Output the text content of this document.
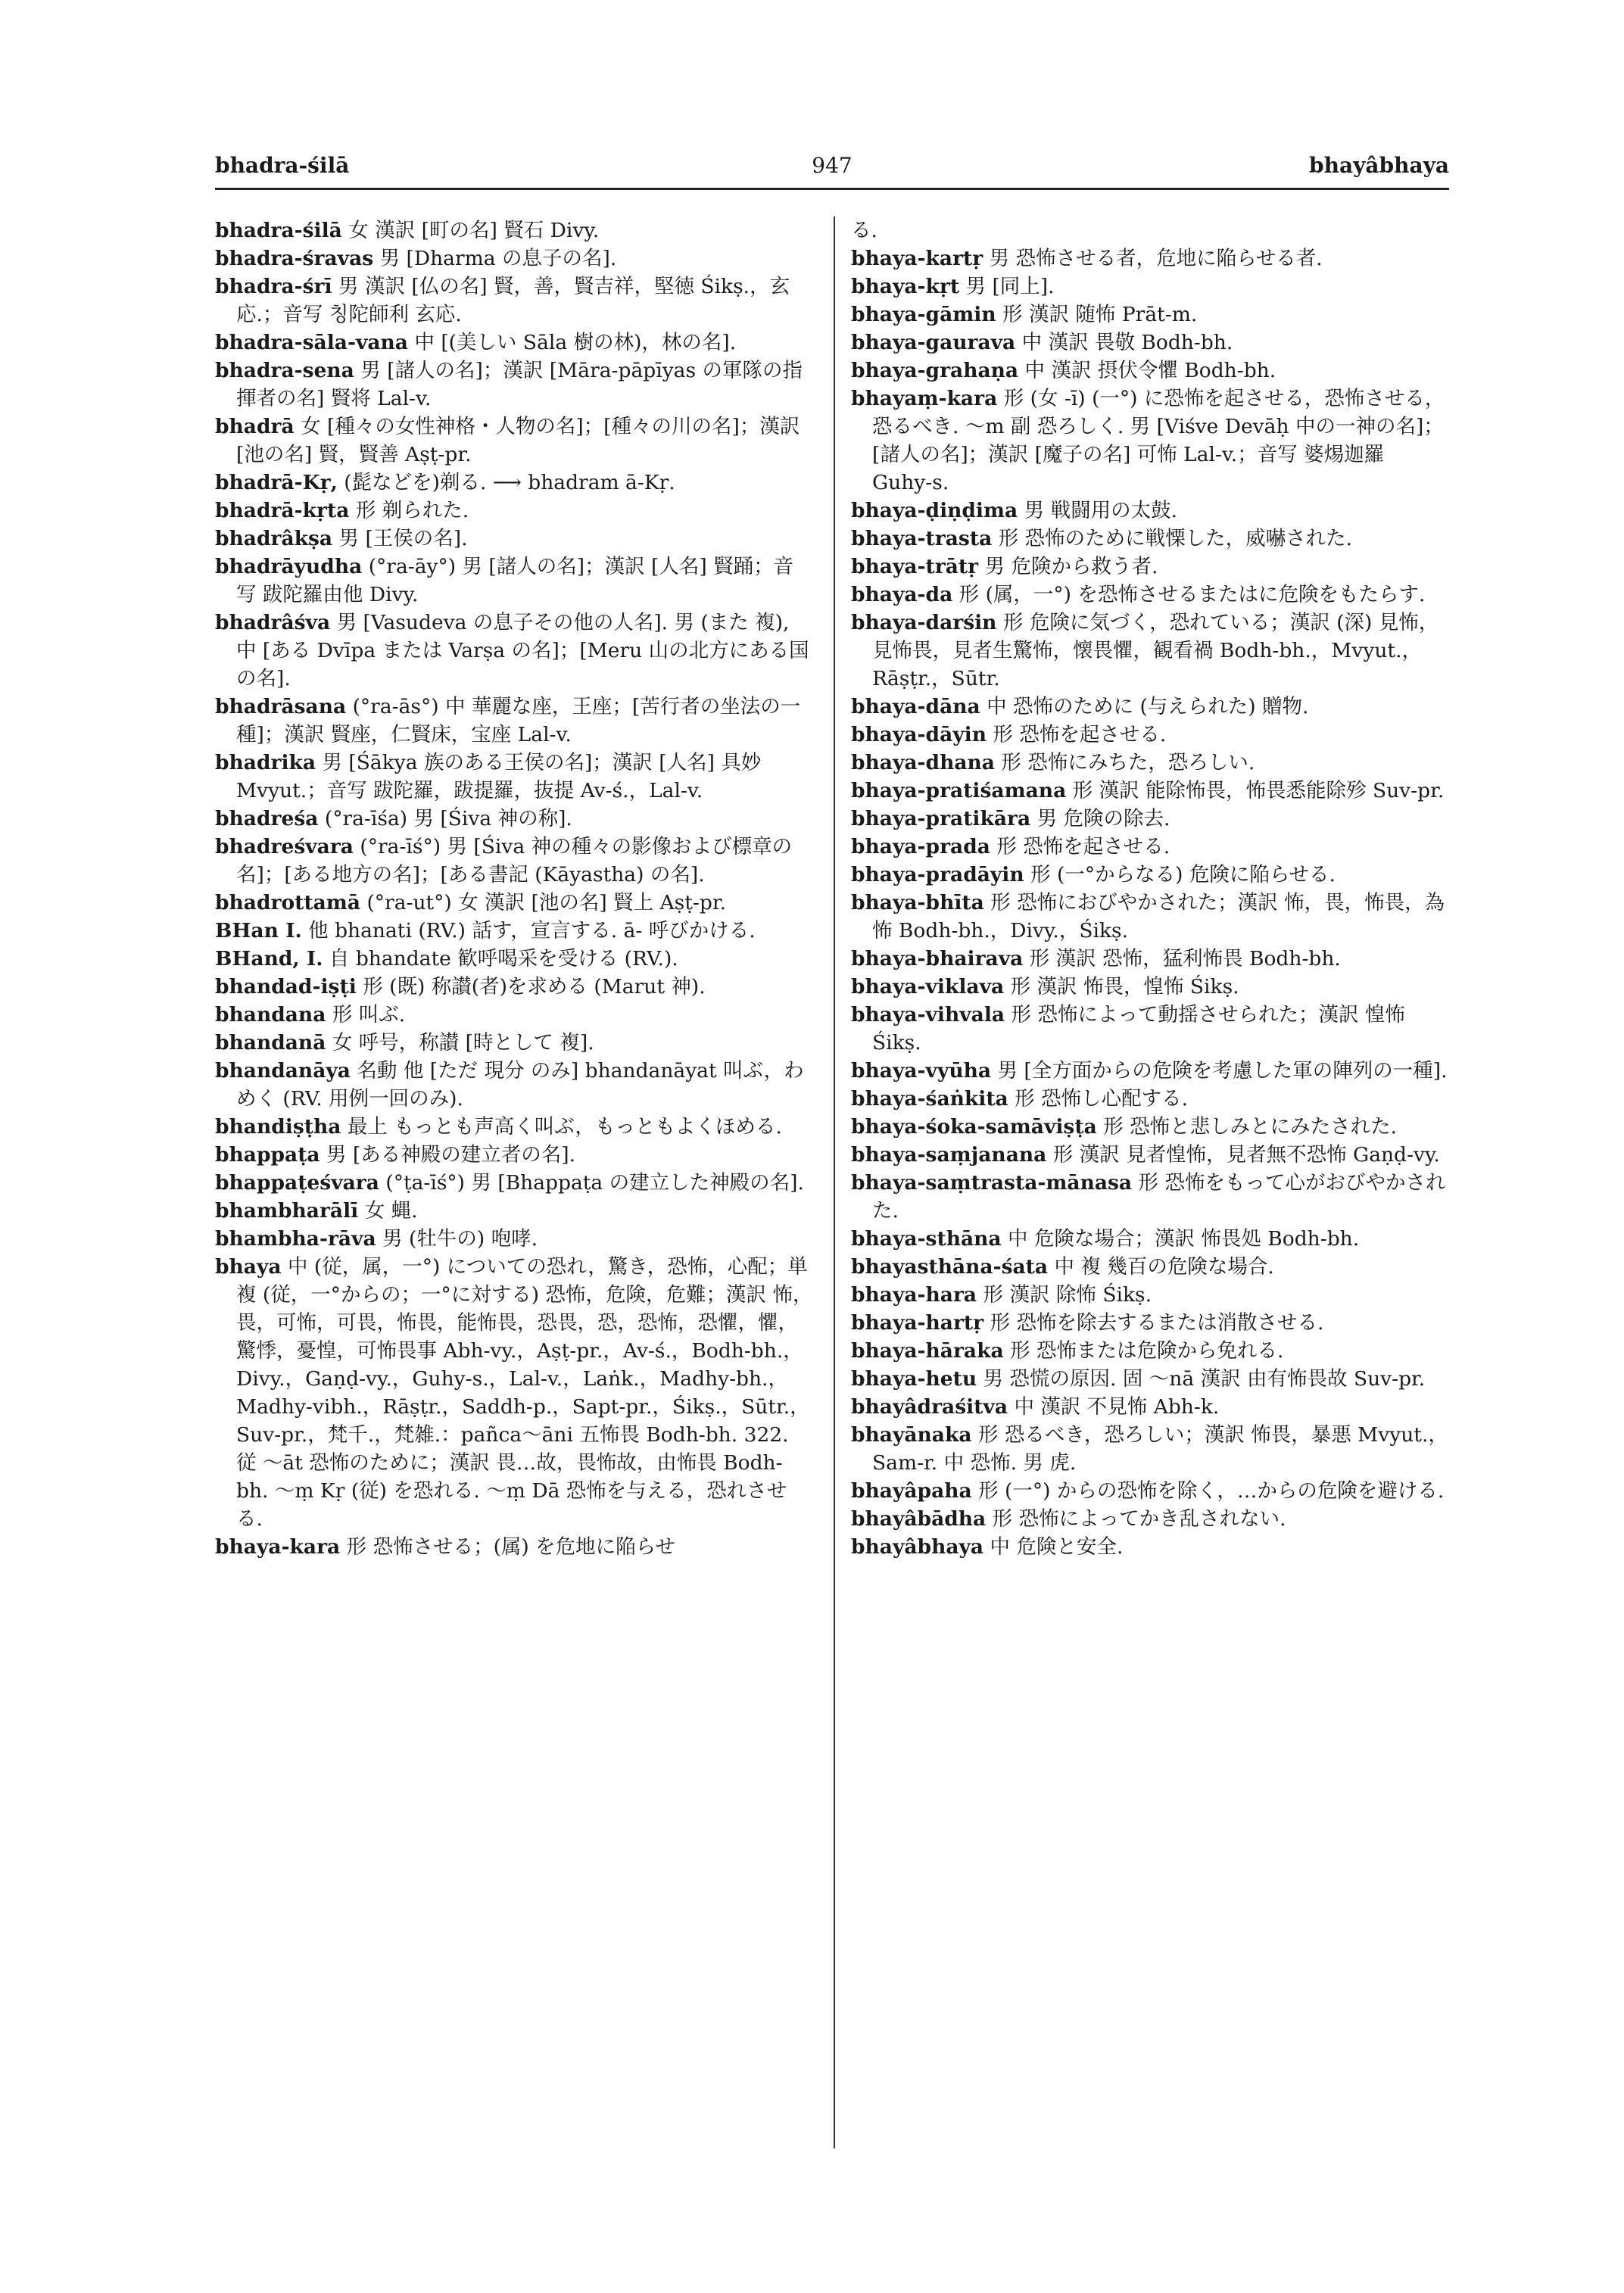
bhadra-śilā	947	bhayâbhaya

bhadra-śilā 女 漢訳 [町の名] 賢石 Divy.

bhadra-śravas 男 [Dharma の息子の名].

bhadra-śrī 男 漢訳 [仏の名] 賢，善，賢吉祥，堅徳 Śikṣ.，玄応.；音写 칭陀師利 玄応.

bhadra-sāla-vana 中 [(美しい Sāla 樹の林)，林の名].

bhadra-sena 男 [諸人の名]；漢訳 [Māra-pāpīyas の軍隊の指揮者の名] 賢将 Lal-v.

bhadrā 女 [種々の女性神格・人物の名]；[種々の川の名]；漢訳 [池の名] 賢，賢善 Aṣṭ-pr.

bhadrā-Kṛ, (髭などを)剃る. ⟶ bhadram ā-Kṛ.

bhadrā-kṛta 形 剃られた.

bhadrâkṣa 男 [王侯の名].

bhadrāyudha (°ra-āy°) 男 [諸人の名]；漢訳 [人名] 賢踊；音写 跋陀羅由他 Divy.

bhadrâśva 男 [Vasudeva の息子その他の人名]. 男 (また 複), 中 [ある Dvīpa または Varṣa の名]；[Meru 山の北方にある国の名].

bhadrāsana (°ra-ās°) 中 華麗な座，王座；[苦行者の坐法の一種]；漢訳 賢座，仁賢床，宝座 Lal-v.

bhadrika 男 [Śākya 族のある王侯の名]；漢訳 [人名] 具妙 Mvyut.；音写 跋陀羅，跋提羅，抜提 Av-ś.，Lal-v.

bhadreśa (°ra-īśa) 男 [Śiva 神の称].

bhadreśvara (°ra-īś°) 男 [Śiva 神の種々の影像および標章の名]；[ある地方の名]；[ある書記 (Kāyastha) の名].

bhadrottamā (°ra-ut°) 女 漢訳 [池の名] 賢上 Aṣṭ-pr.

BHan I. 他 bhanati (RV.) 話す，宣言する. ā- 呼びかける.

BHand, I. 自 bhandate 歓呼喝采を受ける (RV.).

bhandad-iṣṭi 形 (既) 称讃(者)を求める (Marut 神).

bhandana 形 叫ぶ.

bhandanā 女 呼号，称讃 [時として 複].

bhandanāya 名動 他 [ただ 現分 のみ] bhandanāyat 叫ぶ，わめく (RV. 用例一回のみ).

bhandiṣṭha 最上 もっとも声高く叫ぶ，もっともよくほめる.

bhappaṭa 男 [ある神殿の建立者の名].

bhappaṭeśvara (°ṭa-īś°) 男 [Bhappaṭa の建立した神殿の名].

bhambharālī 女 蝿.

bhambha-rāva 男 (牡牛の) 咆哮.

bhaya 中 (従，属，一°) についての恐れ，驚き，恐怖，心配；単 複 (従，一°からの；一°に対する) 恐怖，危険，危難；漢訳 怖，畏，可怖，可畏，怖畏，能怖畏，恐畏，恐，恐怖，恐懼，懼，驚悸，憂惶，可怖畏事 Abh-vy.，Aṣṭ-pr.，Av-ś.，Bodh-bh.，Divy.，Gaṇḍ-vy.，Guhy-s.，Lal-v.，Laṅk.，Madhy-bh.，Madhy-vibh.，Rāṣṭr.，Saddh-p.，Sapt-pr.，Śikṣ.，Sūtr.，Suv-pr.，梵千.，梵雑.：pañca～āni 五怖畏 Bodh-bh. 322. 従 ～āt 恐怖のために；漢訳 畏…故，畏怖故，由怖畏 Bodh-bh. ～ṃ Kṛ (従) を恐れる. ～ṃ Dā 恐怖を与える，恐れさせる.

bhaya-kara 形 恐怖させる；(属) を危地に陥らせ

る.

bhaya-kartṛ 男 恐怖させる者，危地に陥らせる者.

bhaya-kṛt 男 [同上].

bhaya-gāmin 形 漢訳 随怖 Prāt-m.

bhaya-gaurava 中 漢訳 畏敬 Bodh-bh.

bhaya-grahaṇa 中 漢訳 摂伏令懼 Bodh-bh.

bhayaṃ-kara 形 (女 -ī) (一°) に恐怖を起させる，恐怖させる，恐るべき. ～m 副 恐ろしく. 男 [Viśve Devāḥ 中の一神の名]；[諸人の名]；漢訳 [魔子の名] 可怖 Lal-v.；音写 婆焬迦羅 Guhy-s.

bhaya-ḍiṇḍima 男 戦闘用の太鼓.

bhaya-trasta 形 恐怖のために戦慄した，威嚇された.

bhaya-trātṛ 男 危険から救う者.

bhaya-da 形 (属，一°) を恐怖させるまたはに危険をもたらす.

bhaya-darśin 形 危険に気づく，恐れている；漢訳 (深) 見怖，見怖畏，見者生驚怖，懐畏懼，観看禍 Bodh-bh.，Mvyut.，Rāṣṭr.，Sūtr.

bhaya-dāna 中 恐怖のために (与えられた) 贈物.

bhaya-dāyin 形 恐怖を起させる.

bhaya-dhana 形 恐怖にみちた，恐ろしい.

bhaya-pratiśamana 形 漢訳 能除怖畏，怖畏悉能除殄 Suv-pr.

bhaya-pratikāra 男 危険の除去.

bhaya-prada 形 恐怖を起させる.

bhaya-pradāyin 形 (一°からなる) 危険に陥らせる.

bhaya-bhīta 形 恐怖におびやかされた；漢訳 怖，畏，怖畏，為怖 Bodh-bh.，Divy.，Śikṣ.

bhaya-bhairava 形 漢訳 恐怖，猛利怖畏 Bodh-bh.

bhaya-viklava 形 漢訳 怖畏，惶怖 Śikṣ.

bhaya-vihvala 形 恐怖によって動揺させられた；漢訳 惶怖 Śikṣ.

bhaya-vyūha 男 [全方面からの危険を考慮した軍の陣列の一種].

bhaya-śaṅkita 形 恐怖し心配する.

bhaya-śoka-samāviṣṭa 形 恐怖と悲しみとにみたされた.

bhaya-saṃjanana 形 漢訳 見者惶怖，見者無不恐怖 Gaṇḍ-vy.

bhaya-saṃtrasta-mānasa 形 恐怖をもって心がおびやかされた.

bhaya-sthāna 中 危険な場合；漢訳 怖畏処 Bodh-bh.

bhayasthāna-śata 中 複 幾百の危険な場合.

bhaya-hara 形 漢訳 除怖 Śikṣ.

bhaya-hartṛ 形 恐怖を除去するまたは消散させる.

bhaya-hāraka 形 恐怖または危険から免れる.

bhaya-hetu 男 恐慌の原因. 固 ～nā 漢訳 由有怖畏故 Suv-pr.

bhayâdraśitva 中 漢訳 不見怖 Abh-k.

bhayānaka 形 恐るべき，恐ろしい；漢訳 怖畏，暴悪 Mvyut.，Sam-r. 中 恐怖. 男 虎.

bhayâpaha 形 (一°) からの恐怖を除く，…からの危険を避ける.

bhayâbādha 形 恐怖によってかき乱されない.

bhayâbhaya 中 危険と安全.
